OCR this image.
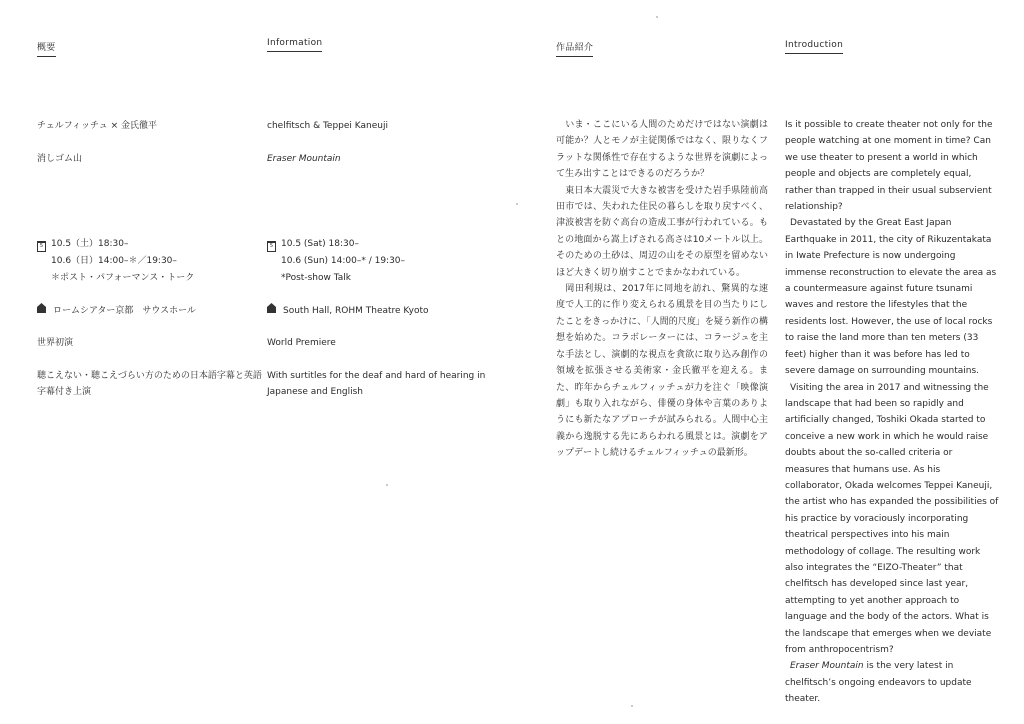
概要
チェルフィッチュ × 金氏徹平
消しゴム山
5 10.5（土）18:30–
10.6（日）14:00–＊／19:30–
＊ポスト・パフォーマンス・トーク
ロームシアター京都　サウスホール
世界初演
聴こえない・聴こえづらい方のための日本語字幕と英語
字幕付き上演
Information
chelfitsch & Teppei Kaneuji
Eraser Mountain
5 10.5 (Sat) 18:30–
10.6 (Sun) 14:00–* / 19:30–
*Post-show Talk
South Hall, ROHM Theatre Kyoto
World Premiere
With surtitles for the deaf and hard of hearing in
Japanese and English
作品紹介

　いま・ここにいる人間のためだけではない演劇は可能か？人とモノが主従関係ではなく、限りなくフラットな関係性で存在するような世界を演劇によって生み出すことはできるのだろうか？

　東日本大震災で大きな被害を受けた岩手県陸前高田市では、失われた住民の暮らしを取り戻すべく、津波被害を防ぐ高台の造成工事が行われている。もとの地面から嵩上げされる高さは10メートル以上。そのための土砂は、周辺の山をその原型を留めないほど大きく切り崩すことでまかなわれている。

　岡田利規は、2017年に同地を訪れ、驚異的な速度で人工的に作り変えられる風景を目の当たりにしたことをきっかけに、「人間的尺度」を疑う新作の構想を始めた。コラボレーターには、コラージュを主な手法とし、演劇的な視点を貪欲に取り込み創作の領域を拡張させる美術家・金氏徹平を迎える。また、昨年からチェルフィッチュが力を注ぐ「映像演劇」も取り入れながら、俳優の身体や言葉のありようにも新たなアプローチが試みられる。人間中心主義から逸脱する先にあらわれる風景とは。演劇をアップデートし続けるチェルフィッチュの最新形。

Introduction

Is it possible to create theater not only for the people watching at one moment in time? Can we use theater to present a world in which people and objects are completely equal, rather than trapped in their usual subservient relationship?

Devastated by the Great East Japan Earthquake in 2011, the city of Rikuzentakata in Iwate Prefecture is now undergoing immense reconstruction to elevate the area as a countermeasure against future tsunami waves and restore the lifestyles that the residents lost. However, the use of local rocks to raise the land more than ten meters (33 feet) higher than it was before has led to severe damage on surrounding mountains.

Visiting the area in 2017 and witnessing the landscape that had been so rapidly and artificially changed, Toshiki Okada started to conceive a new work in which he would raise doubts about the so-called criteria or measures that humans use. As his collaborator, Okada welcomes Teppei Kaneuji, the artist who has expanded the possibilities of his practice by voraciously incorporating theatrical perspectives into his main methodology of collage. The resulting work also integrates the “EIZO-Theater” that chelfitsch has developed since last year, attempting to yet another approach to language and the body of the actors. What is the landscape that emerges when we deviate from anthropocentrism?

Eraser Mountain is the very latest in chelfitsch’s ongoing endeavors to update theater.
